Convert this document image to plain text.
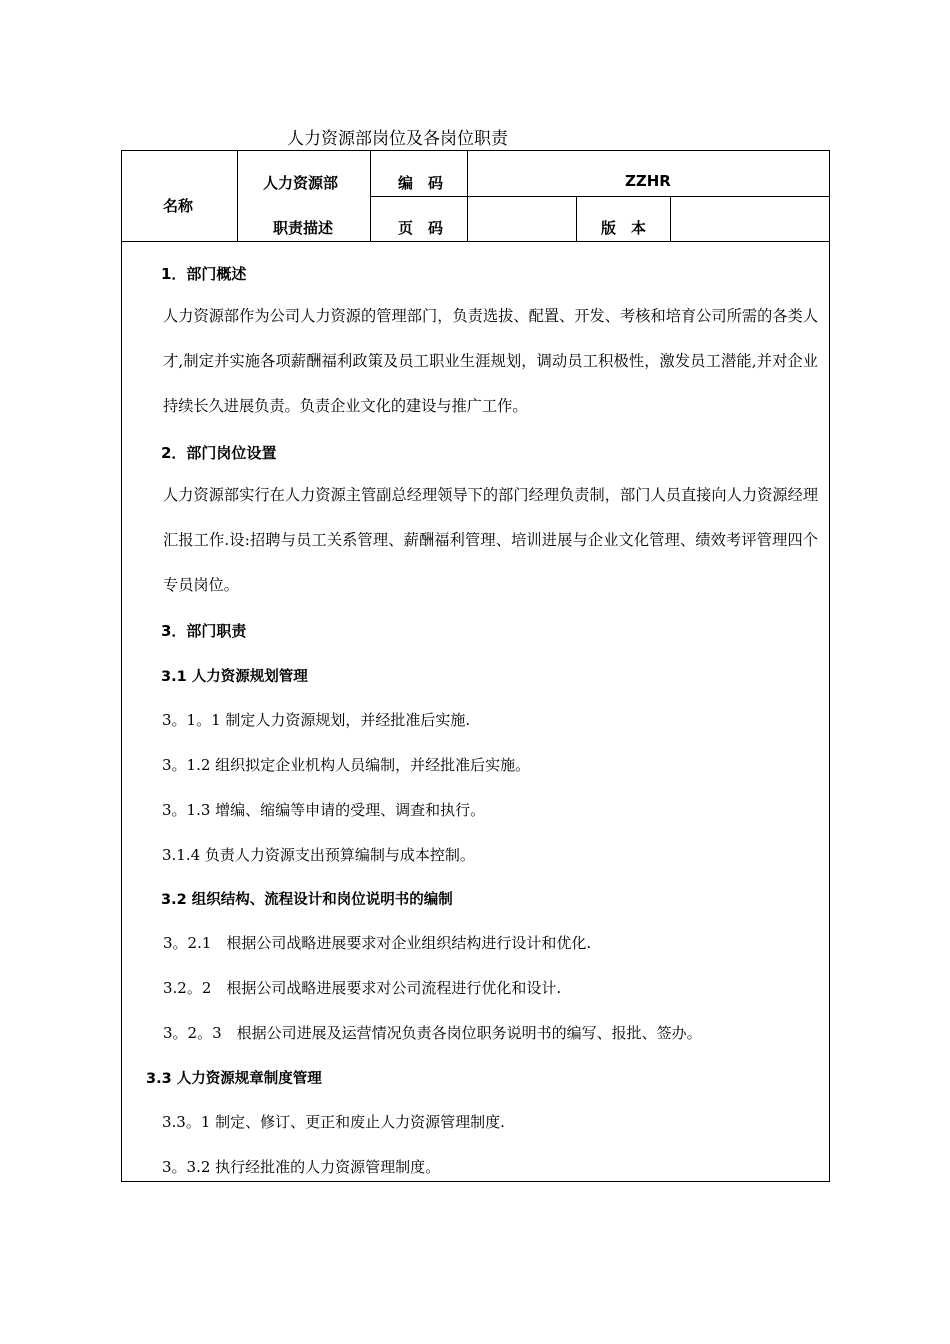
人力资源部岗位及各岗位职责
名称
人力资源部
职责描述
编　码	ZZHR
页　码	版　本
1．部门概述
人力资源部作为公司人力资源的管理部门，负责选拔、配置、开发、考核和培育公司所需的各类人才,制定并实施各项薪酬福利政策及员工职业生涯规划，调动员工积极性，激发员工潜能,并对企业持续长久进展负责。负责企业文化的建设与推广工作。
2．部门岗位设置
人力资源部实行在人力资源主管副总经理领导下的部门经理负责制，部门人员直接向人力资源经理汇报工作.设:招聘与员工关系管理、薪酬福利管理、培训进展与企业文化管理、绩效考评管理四个专员岗位。
3．部门职责
3.1 人力资源规划管理
3。1。1 制定人力资源规划，并经批准后实施.
3。1.2 组织拟定企业机构人员编制，并经批准后实施。
3。1.3 增编、缩编等申请的受理、调查和执行。
3.1.4 负责人力资源支出预算编制与成本控制。
3.2 组织结构、流程设计和岗位说明书的编制
3。2.1　根据公司战略进展要求对企业组织结构进行设计和优化.
3.2。2　根据公司战略进展要求对公司流程进行优化和设计.
3。2。3　根据公司进展及运营情况负责各岗位职务说明书的编写、报批、签办。
3.3 人力资源规章制度管理
3.3。1 制定、修订、更正和废止人力资源管理制度.
3。3.2 执行经批准的人力资源管理制度。
